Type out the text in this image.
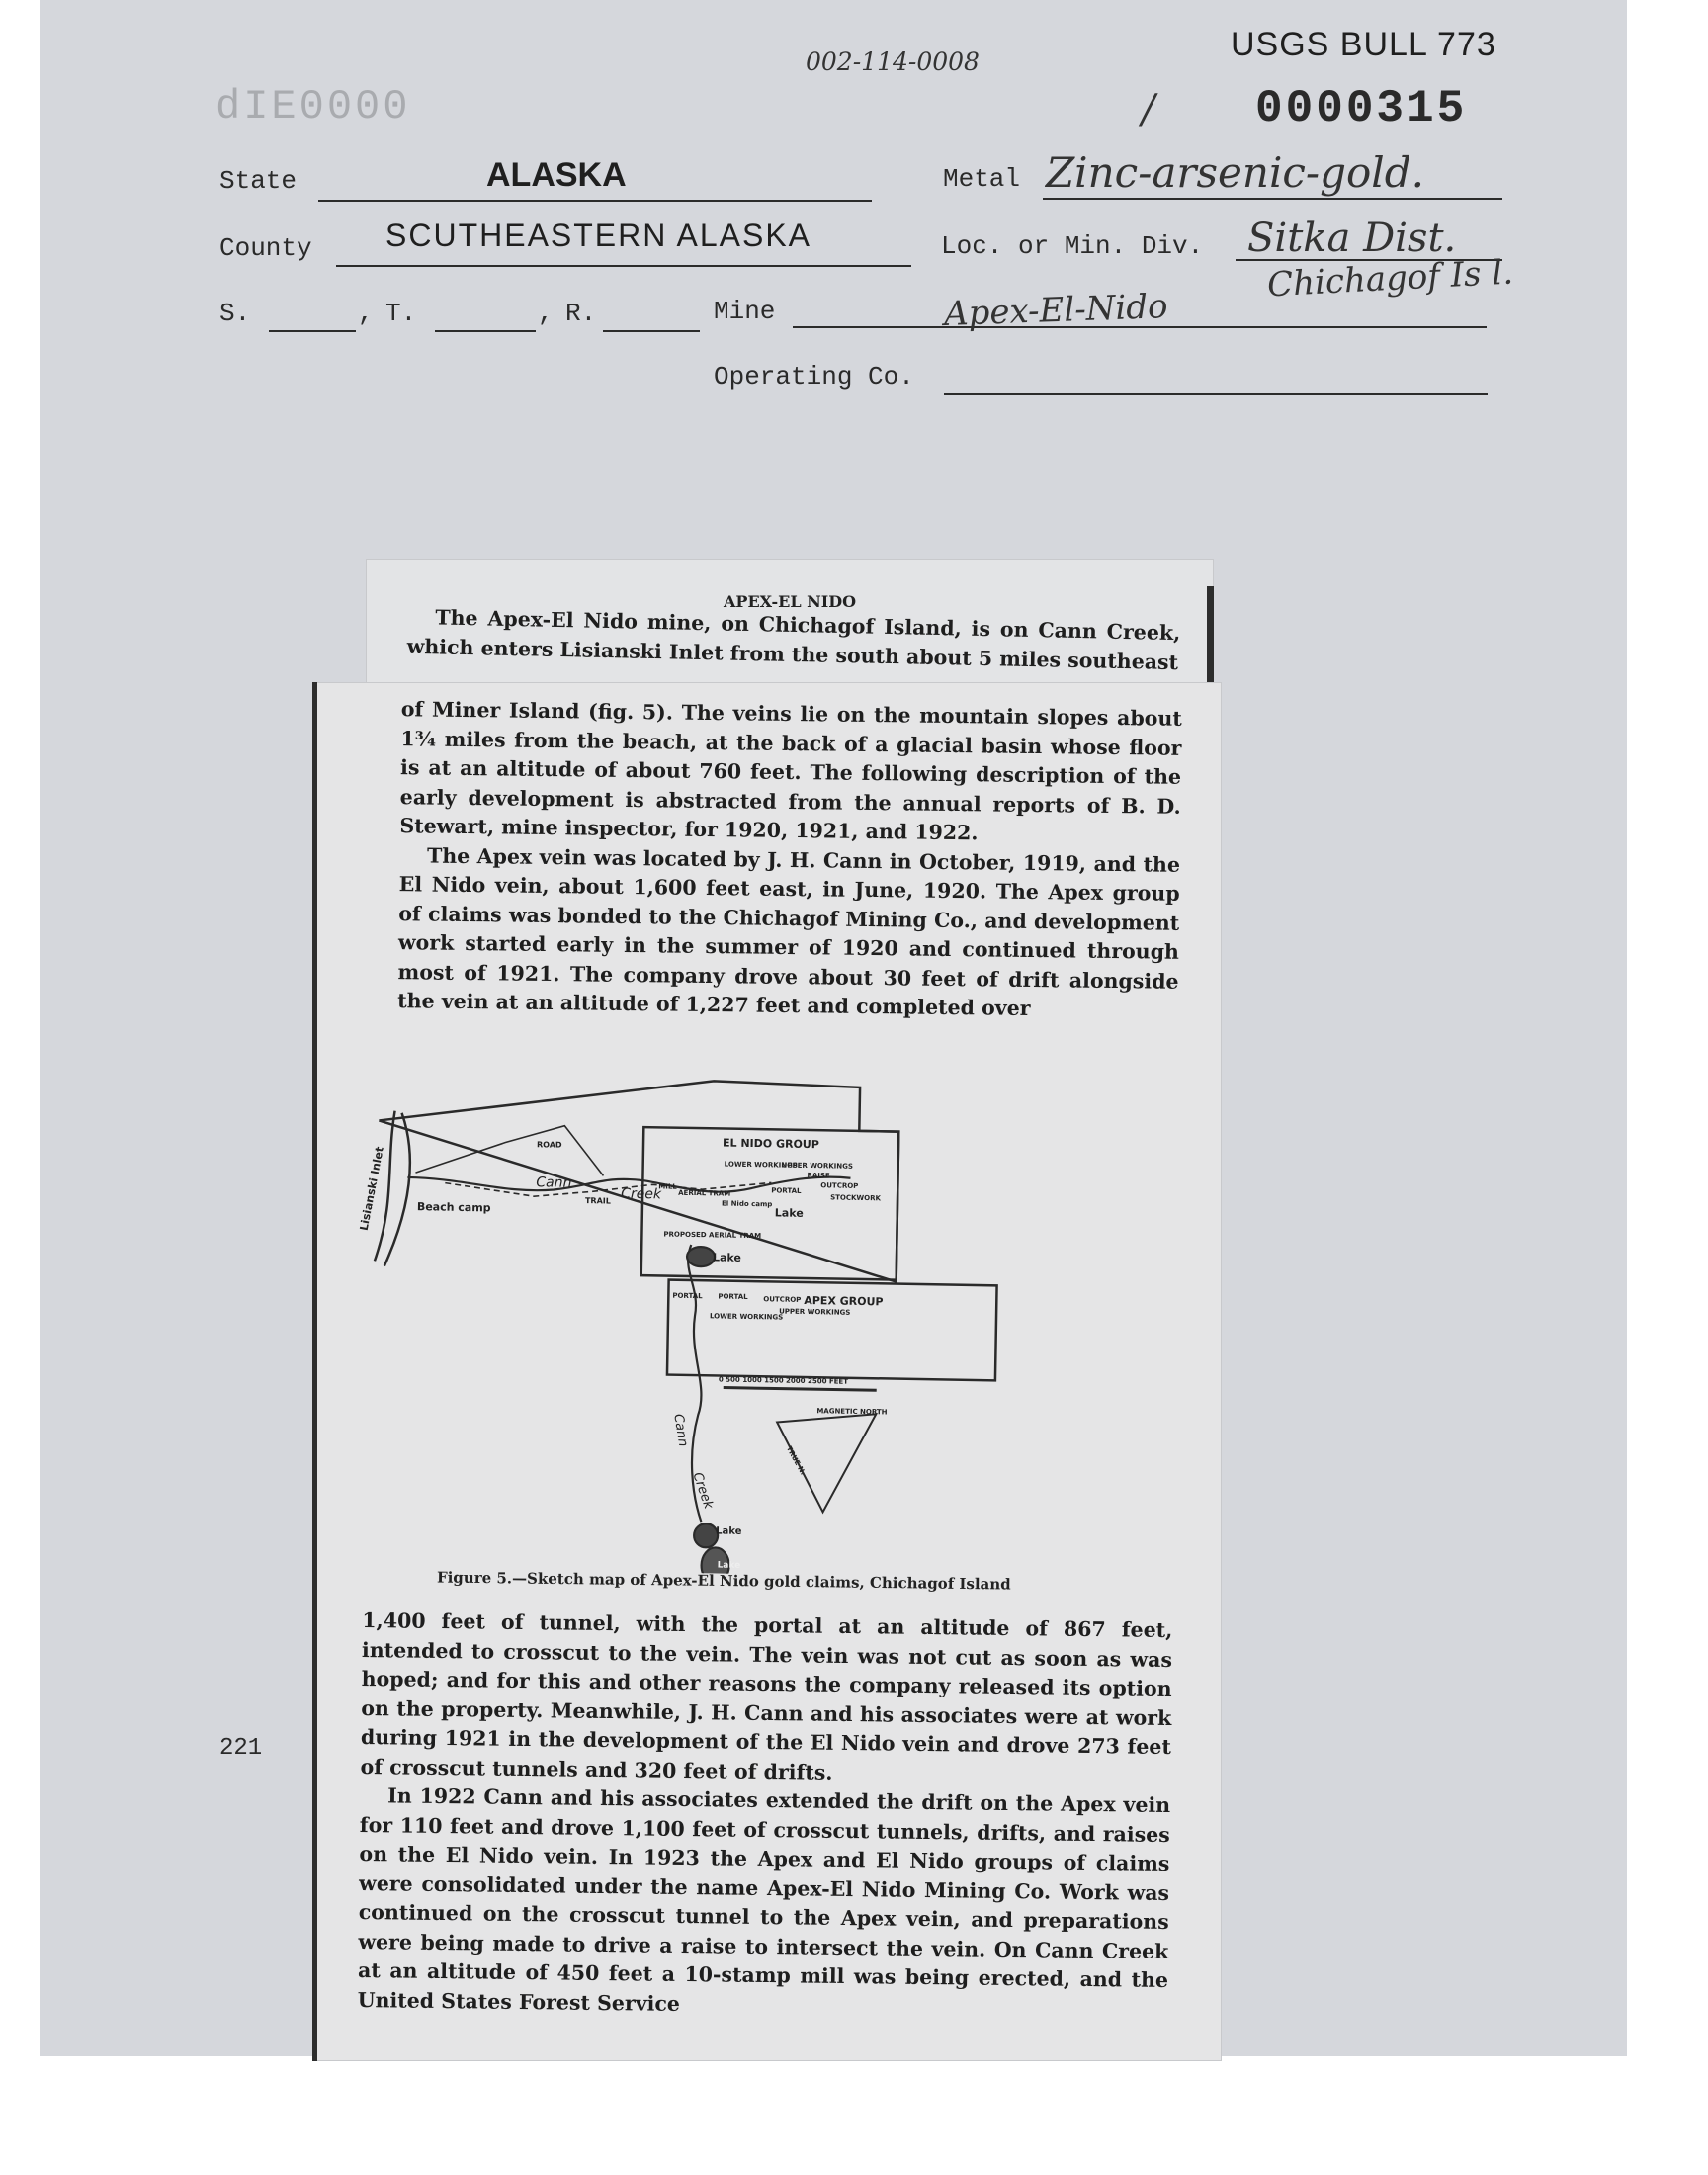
USGS BULL 773
002-114-0008
/ 0000315
dIE0000
State	ALASKA	Metal Zinc-arsenic-gold.
County SCUTHEASTERN ALASKA	Loc. or Min. Div. Sitka Dist.
Chichagof Is l.
S.	, T.	, R.	Mine	Apex-El-Nido
Operating Co.
221
APEX-EL NIDO

The Apex-El Nido mine, on Chichagof Island, is on Cann Creek, which enters Lisianski Inlet from the south about 5 miles southeast

of Miner Island (fig. 5). The veins lie on the mountain slopes about 1¾ miles from the beach, at the back of a glacial basin whose floor is at an altitude of about 760 feet. The following description of the early development is abstracted from the annual reports of B. D. Stewart, mine inspector, for 1920, 1921, and 1922.

The Apex vein was located by J. H. Cann in October, 1919, and the El Nido vein, about 1,600 feet east, in June, 1920. The Apex group of claims was bonded to the Chichagof Mining Co., and development work started early in the summer of 1920 and continued through most of 1921. The company drove about 30 feet of drift alongside the vein at an altitude of 1,227 feet and completed over

EL NIDO GROUP
APEX GROUP
Lisianski Inlet	Beach camp
ROAD
Cann
TRAIL Creek
MILL
AERIAL TRAM
El Nido camp
Lake
LOWER WORKINGS
UPPER WORKINGS
RAISE
OUTCROP
PORTAL
STOCKWORK
PROPOSED AERIAL TRAM
Lake
PORTAL PORTAL OUTCROP
UPPER WORKINGS
LOWER WORKINGS
0 500 1000 1500 2000 2500 FEET
Cann
Creek
MAGNETIC NORTH
TRUE N.
Lake
Lake
Figure 5.—Sketch map of Apex-El Nido gold claims, Chichagof Island

1,400 feet of tunnel, with the portal at an altitude of 867 feet, intended to crosscut to the vein. The vein was not cut as soon as was hoped; and for this and other reasons the company released its option on the property. Meanwhile, J. H. Cann and his associates were at work during 1921 in the development of the El Nido vein and drove 273 feet of crosscut tunnels and 320 feet of drifts.

In 1922 Cann and his associates extended the drift on the Apex vein for 110 feet and drove 1,100 feet of crosscut tunnels, drifts, and raises on the El Nido vein. In 1923 the Apex and El Nido groups of claims were consolidated under the name Apex-El Nido Mining Co. Work was continued on the crosscut tunnel to the Apex vein, and preparations were being made to drive a raise to intersect the vein. On Cann Creek at an altitude of 450 feet a 10-stamp mill was being erected, and the United States Forest Service
